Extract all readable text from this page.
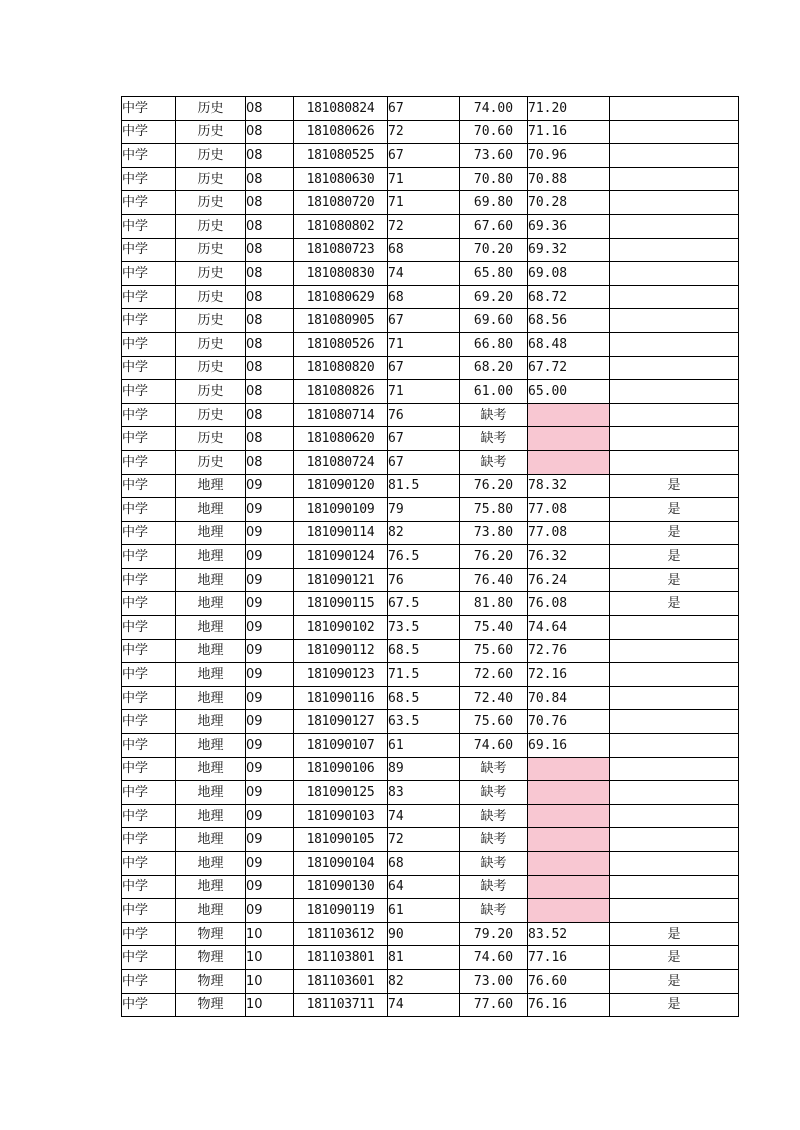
中学	历史	08	181080824	67	74.00	71.20	
中学	历史	08	181080626	72	70.60	71.16	
中学	历史	08	181080525	67	73.60	70.96	
中学	历史	08	181080630	71	70.80	70.88	
中学	历史	08	181080720	71	69.80	70.28	
中学	历史	08	181080802	72	67.60	69.36	
中学	历史	08	181080723	68	70.20	69.32	
中学	历史	08	181080830	74	65.80	69.08	
中学	历史	08	181080629	68	69.20	68.72	
中学	历史	08	181080905	67	69.60	68.56	
中学	历史	08	181080526	71	66.80	68.48	
中学	历史	08	181080820	67	68.20	67.72	
中学	历史	08	181080826	71	61.00	65.00	
中学	历史	08	181080714	76	缺考		
中学	历史	08	181080620	67	缺考		
中学	历史	08	181080724	67	缺考		
中学	地理	09	181090120	81.5	76.20	78.32	是
中学	地理	09	181090109	79	75.80	77.08	是
中学	地理	09	181090114	82	73.80	77.08	是
中学	地理	09	181090124	76.5	76.20	76.32	是
中学	地理	09	181090121	76	76.40	76.24	是
中学	地理	09	181090115	67.5	81.80	76.08	是
中学	地理	09	181090102	73.5	75.40	74.64	
中学	地理	09	181090112	68.5	75.60	72.76	
中学	地理	09	181090123	71.5	72.60	72.16	
中学	地理	09	181090116	68.5	72.40	70.84	
中学	地理	09	181090127	63.5	75.60	70.76	
中学	地理	09	181090107	61	74.60	69.16	
中学	地理	09	181090106	89	缺考		
中学	地理	09	181090125	83	缺考		
中学	地理	09	181090103	74	缺考		
中学	地理	09	181090105	72	缺考		
中学	地理	09	181090104	68	缺考		
中学	地理	09	181090130	64	缺考		
中学	地理	09	181090119	61	缺考		
中学	物理	10	181103612	90	79.20	83.52	是
中学	物理	10	181103801	81	74.60	77.16	是
中学	物理	10	181103601	82	73.00	76.60	是
中学	物理	10	181103711	74	77.60	76.16	是
